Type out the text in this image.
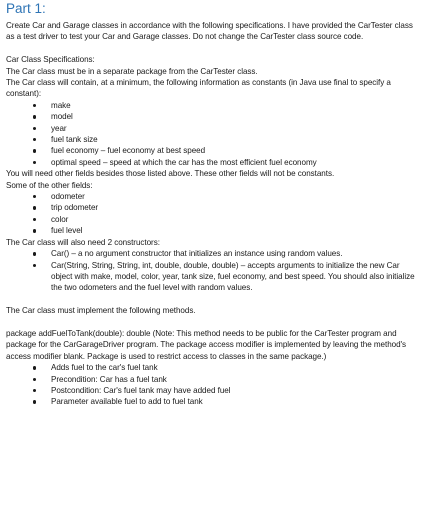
Part 1:

Create Car and Garage classes in accordance with the following specifications. I have provided the CarTester class as a test driver to test your Car and Garage classes. Do not change the CarTester class source code.

Car Class Specifications:

The Car class must be in a separate package from the CarTester class.

The Car class will contain, at a minimum, the following information as constants (in Java use final to specify a constant):

make
model
year
fuel tank size
fuel economy – fuel economy at best speed
optimal speed – speed at which the car has the most efficient fuel economy

You will need other fields besides those listed above. These other fields will not be constants.

Some of the other fields:

odometer
trip odometer
color
fuel level

The Car class will also need 2 constructors:

Car() – a no argument constructor that initializes an instance using random values.
Car(String, String, String, int, double, double, double) – accepts arguments to initialize the new Car object with make, model, color, year, tank size, fuel economy, and best speed. You should also initialize the two odometers and the fuel level with random values.

The Car class must implement the following methods.

package addFuelToTank(double): double (Note: This method needs to be public for the CarTester program and package for the CarGarageDriver program. The package access modifier is implemented by leaving the method's access modifier blank. Package is used to restrict access to classes in the same package.)

Adds fuel to the car's fuel tank
Precondition: Car has a fuel tank
Postcondition: Car's fuel tank may have added fuel
Parameter available fuel to add to fuel tank
